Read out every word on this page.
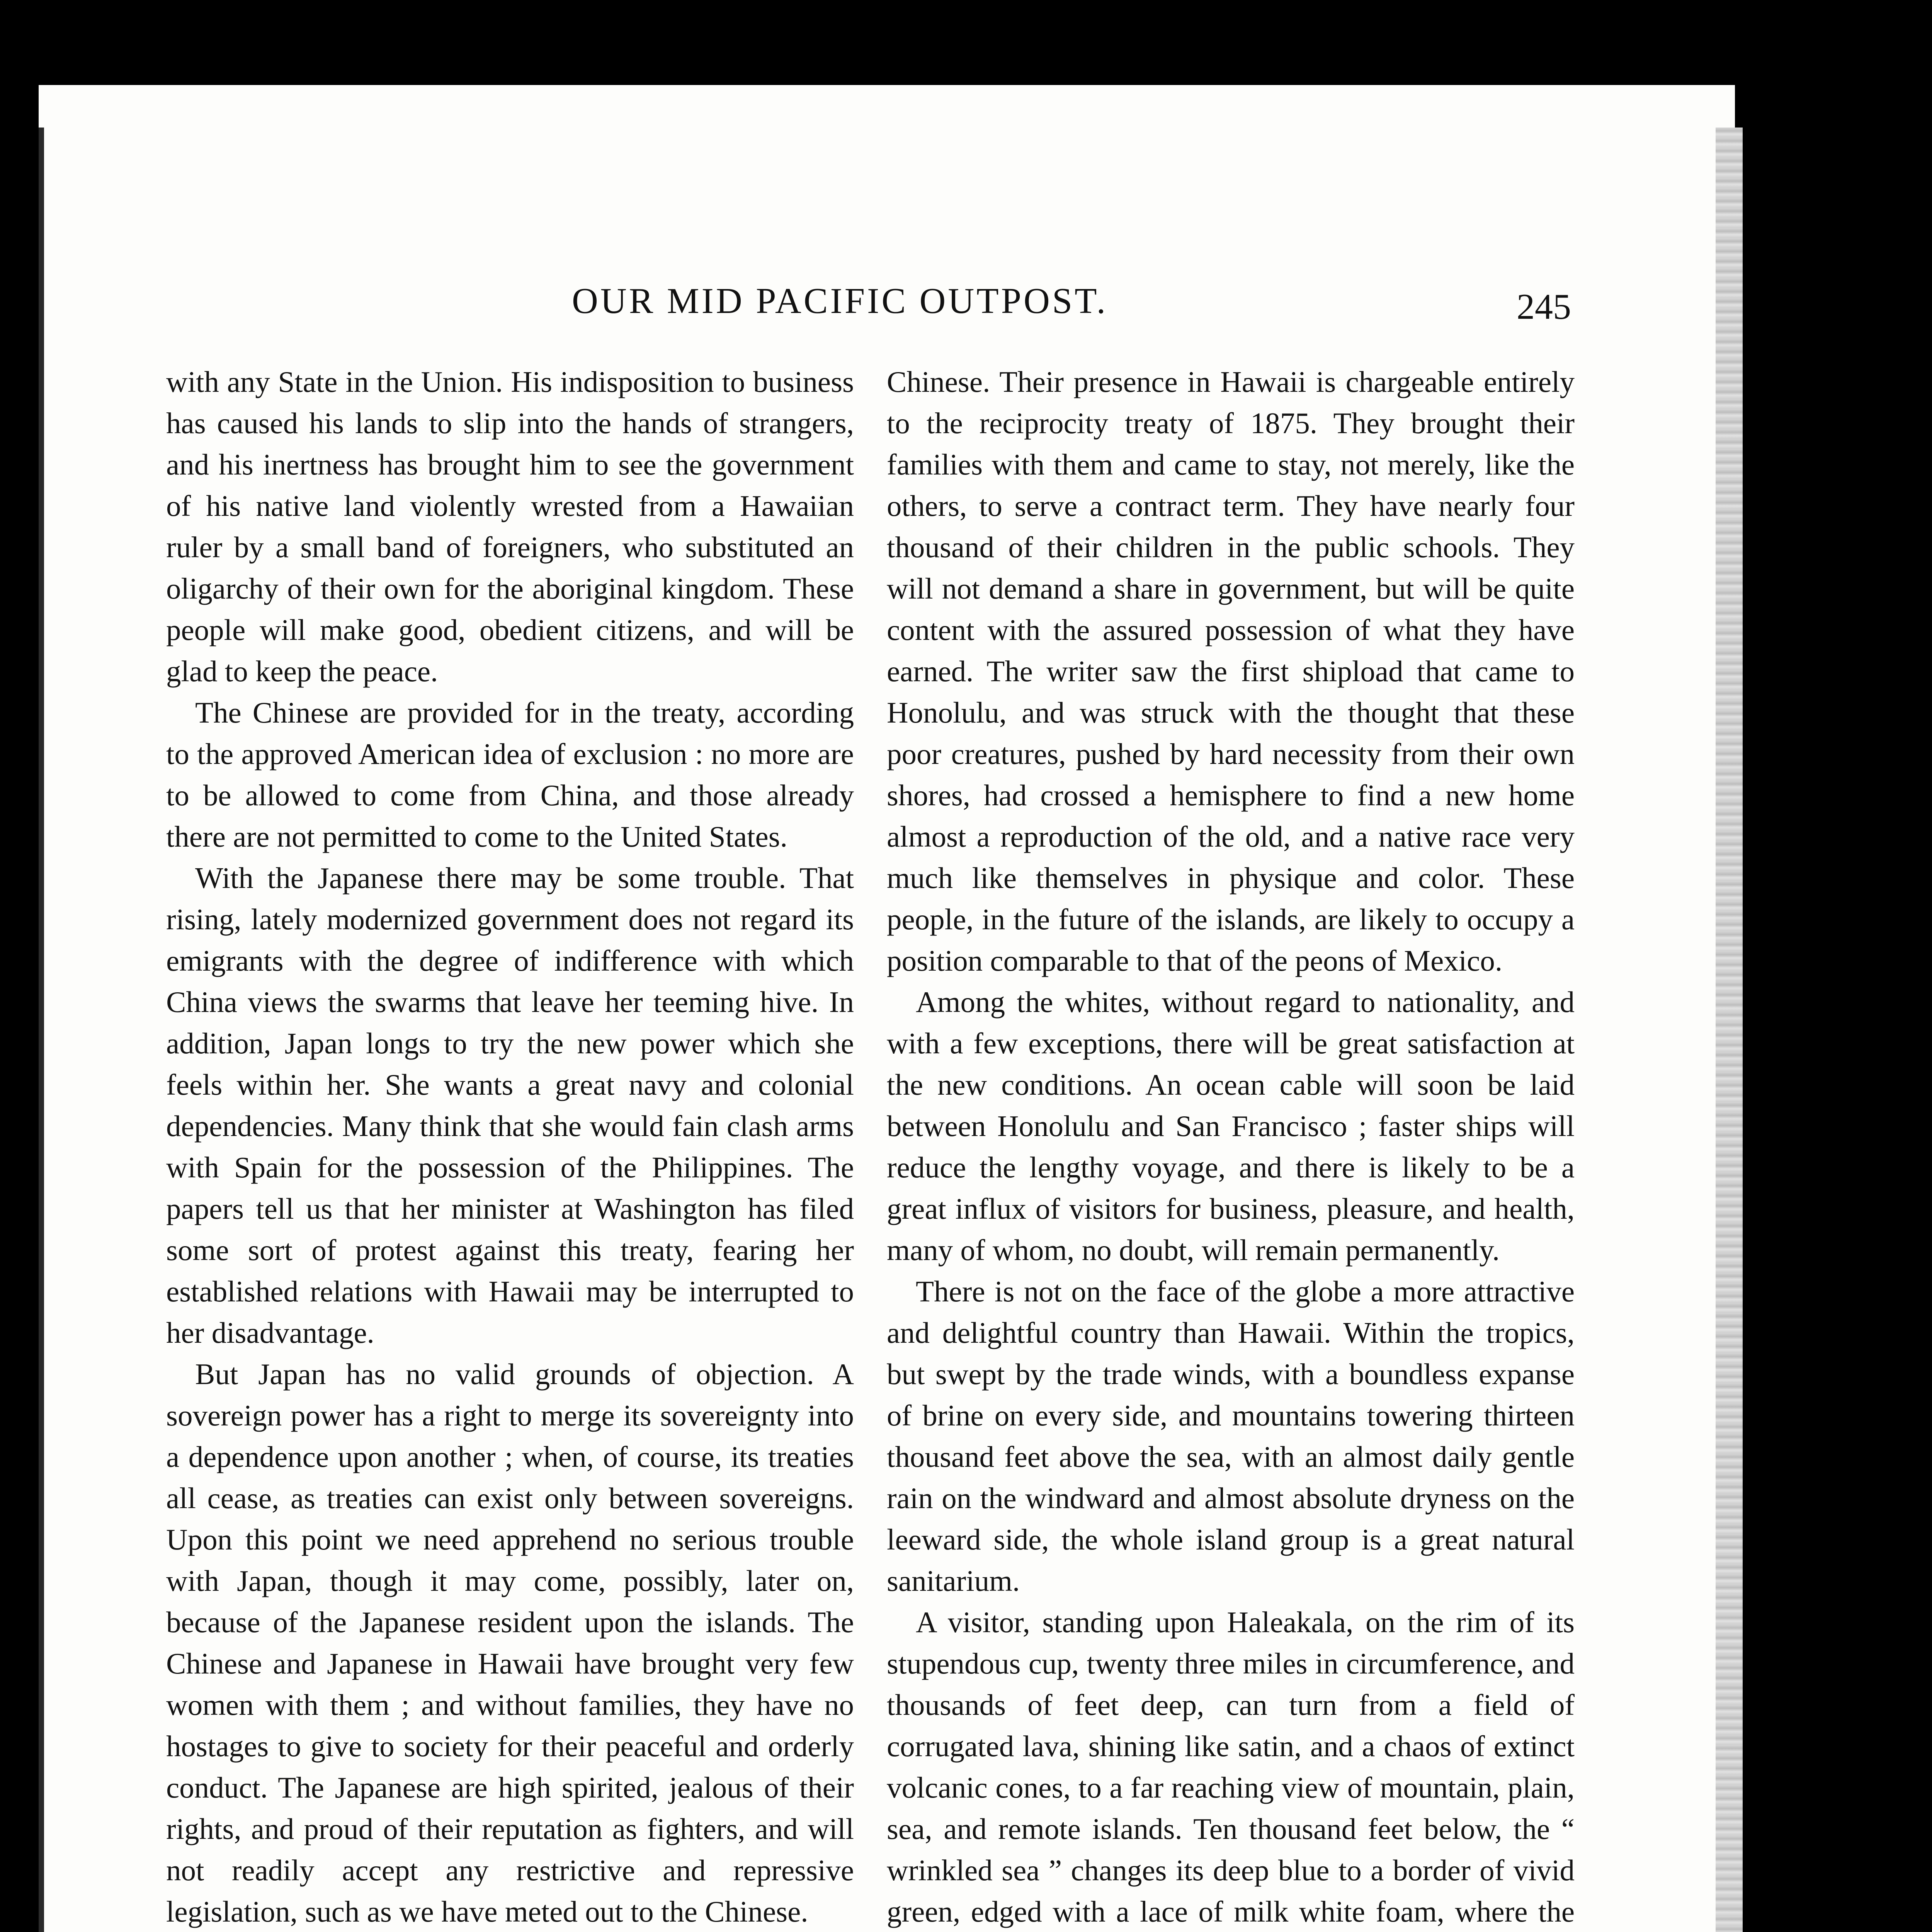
OUR MID PACIFIC OUTPOST.	245

with any State in the Union. His indisposition to business has caused his lands to slip into the hands of strangers, and his inertness has brought him to see the government of his native land violently wrested from a Hawaiian ruler by a small band of foreigners, who substituted an oligarchy of their own for the aboriginal kingdom. These people will make good, obedient citizens, and will be glad to keep the peace.

The Chinese are provided for in the treaty, according to the approved American idea of exclusion : no more are to be allowed to come from China, and those already there are not permitted to come to the United States.

With the Japanese there may be some trouble. That rising, lately modernized government does not regard its emigrants with the degree of indifference with which China views the swarms that leave her teeming hive. In addition, Japan longs to try the new power which she feels within her. She wants a great navy and colonial dependencies. Many think that she would fain clash arms with Spain for the possession of the Philippines. The papers tell us that her minister at Washington has filed some sort of protest against this treaty, fearing her established relations with Hawaii may be interrupted to her disadvantage.

But Japan has no valid grounds of objection. A sovereign power has a right to merge its sovereignty into a dependence upon another ; when, of course, its treaties all cease, as treaties can exist only between sovereigns. Upon this point we need apprehend no serious trouble with Japan, though it may come, possibly, later on, because of the Japanese resident upon the islands. The Chinese and Japanese in Hawaii have brought very few women with them ; and without families, they have no hostages to give to society for their peaceful and orderly conduct. The Japanese are high spirited, jealous of their rights, and proud of their reputation as fighters, and will not readily accept any restrictive and repressive legislation, such as we have meted out to the Chinese.

Chinese. Their presence in Hawaii is chargeable entirely to the reciprocity treaty of 1875. They brought their families with them and came to stay, not merely, like the others, to serve a contract term. They have nearly four thousand of their children in the public schools. They will not demand a share in government, but will be quite content with the assured possession of what they have earned. The writer saw the first shipload that came to Honolulu, and was struck with the thought that these poor creatures, pushed by hard necessity from their own shores, had crossed a hemisphere to find a new home almost a reproduction of the old, and a native race very much like themselves in physique and color. These people, in the future of the islands, are likely to occupy a position comparable to that of the peons of Mexico.

Among the whites, without regard to nationality, and with a few exceptions, there will be great satisfaction at the new conditions. An ocean cable will soon be laid between Honolulu and San Francisco ; faster ships will reduce the lengthy voyage, and there is likely to be a great influx of visitors for business, pleasure, and health, many of whom, no doubt, will remain permanently.

There is not on the face of the globe a more attractive and delightful country than Hawaii. Within the tropics, but swept by the trade winds, with a boundless expanse of brine on every side, and mountains towering thirteen thousand feet above the sea, with an almost daily gentle rain on the windward and almost absolute dryness on the leeward side, the whole island group is a great natural sanitarium.

A visitor, standing upon Haleakala, on the rim of its stupendous cup, twenty three miles in circumference, and thousands of feet deep, can turn from a field of corrugated lava, shining like satin, and a chaos of extinct volcanic cones, to a far reaching view of mountain, plain, sea, and remote islands. Ten thousand feet below, the “ wrinkled sea ” changes its deep blue to a border of vivid green, edged with a lace of milk white foam, where the
